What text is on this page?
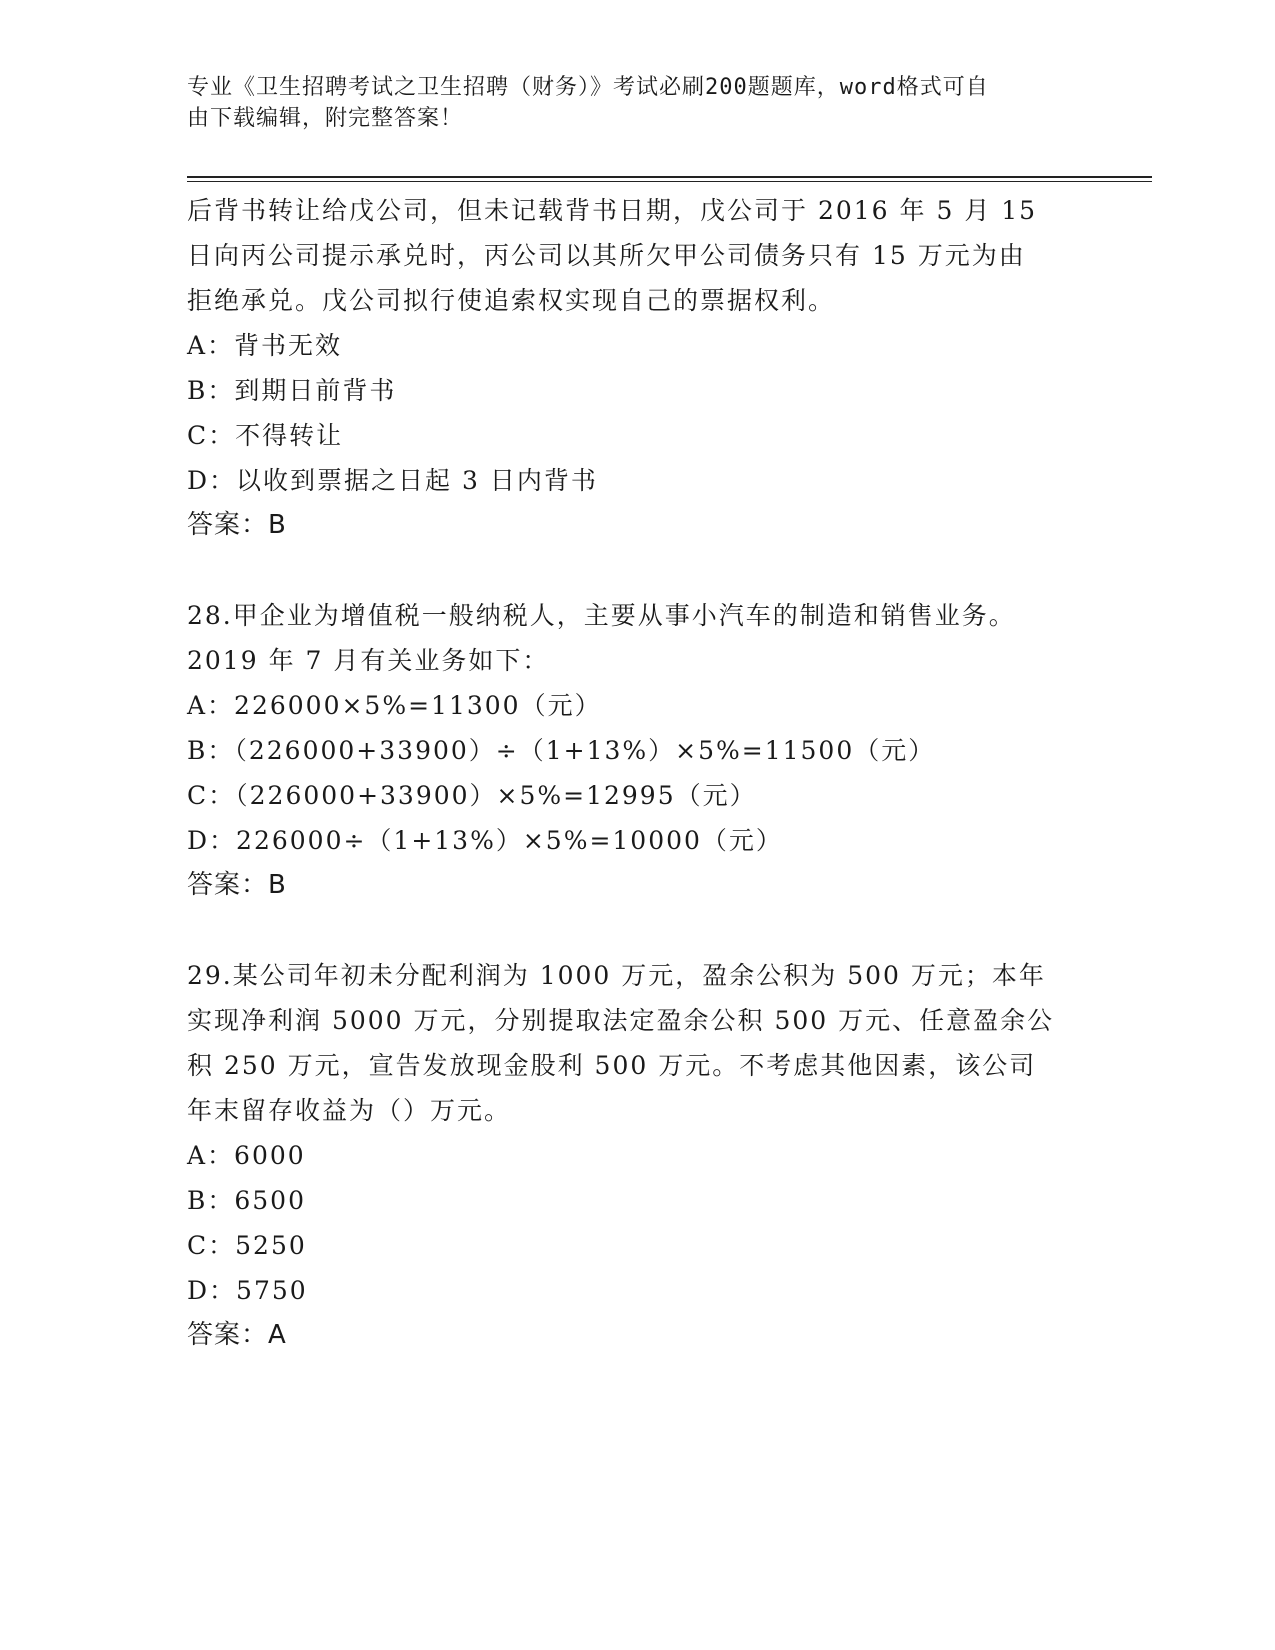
专业《卫生招聘考试之卫生招聘（财务）》考试必刷200题题库，word格式可自
由下载编辑，附完整答案！
后背书转让给戊公司，但未记载背书日期，戊公司于 2016 年 5 月 15
日向丙公司提示承兑时，丙公司以其所欠甲公司债务只有 15 万元为由
拒绝承兑。戊公司拟行使追索权实现自己的票据权利。
A：背书无效
B：到期日前背书
C：不得转让
D：以收到票据之日起 3 日内背书
答案：B
28.甲企业为增值税一般纳税人，主要从事小汽车的制造和销售业务。
2019 年 7 月有关业务如下：
A：226000×5%=11300（元）
B：（226000+33900）÷（1+13%）×5%=11500（元）
C：（226000+33900）×5%=12995（元）
D：226000÷（1+13%）×5%=10000（元）
答案：B
29.某公司年初未分配利润为 1000 万元，盈余公积为 500 万元；本年
实现净利润 5000 万元，分别提取法定盈余公积 500 万元、任意盈余公
积 250 万元，宣告发放现金股利 500 万元。不考虑其他因素，该公司
年末留存收益为（）万元。
A：6000
B：6500
C：5250
D：5750
答案：A
